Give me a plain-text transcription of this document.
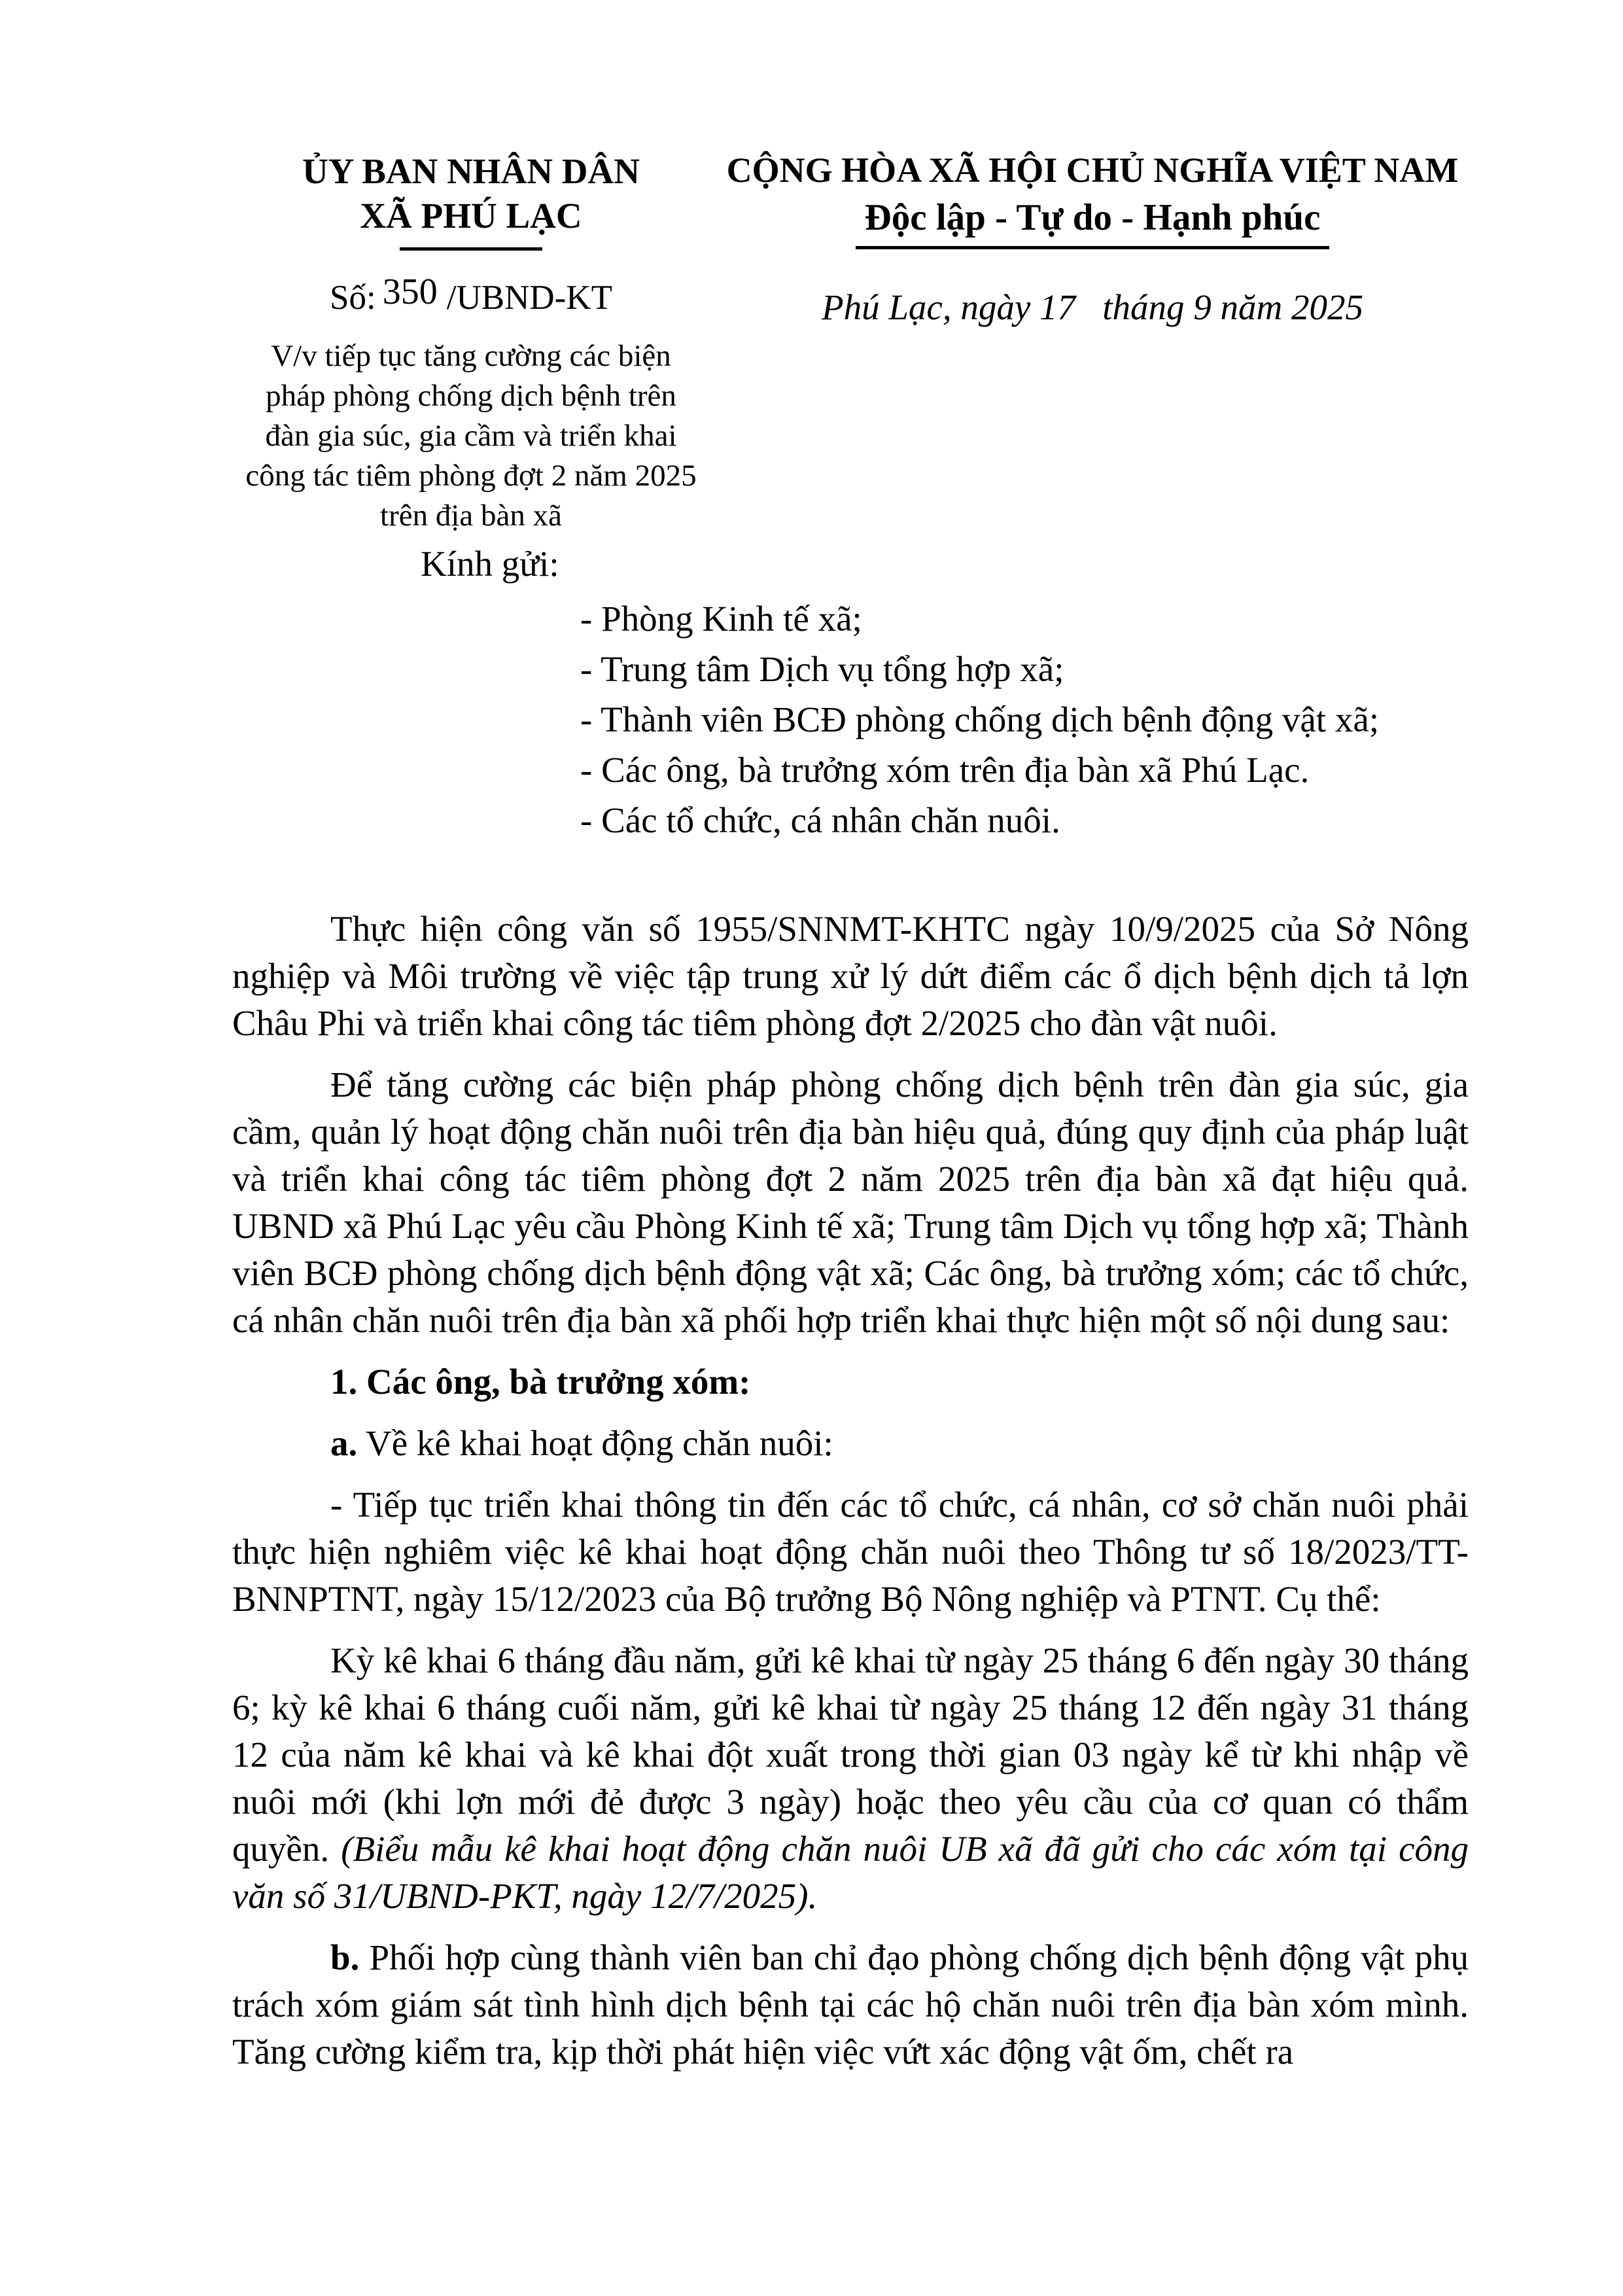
ỦY BAN NHÂN DÂN
XÃ PHÚ LẠC
Số: 350 /UBND-KT
V/v tiếp tục tăng cường các biện pháp phòng chống dịch bệnh trên đàn gia súc, gia cầm và triển khai công tác tiêm phòng đợt 2 năm 2025 trên địa bàn xã
CỘNG HÒA XÃ HỘI CHỦ NGHĨA VIỆT NAM
Độc lập - Tự do - Hạnh phúc
Phú Lạc, ngày 17   tháng 9 năm 2025
Kính gửi:
- Phòng Kinh tế xã;
- Trung tâm Dịch vụ tổng hợp xã;
- Thành viên BCĐ phòng chống dịch bệnh động vật xã;
- Các ông, bà trưởng xóm trên địa bàn xã Phú Lạc.
- Các tổ chức, cá nhân chăn nuôi.

Thực hiện công văn số 1955/SNNMT-KHTC ngày 10/9/2025 của Sở Nông nghiệp và Môi trường về việc tập trung xử lý dứt điểm các ổ dịch bệnh dịch tả lợn Châu Phi và triển khai công tác tiêm phòng đợt 2/2025 cho đàn vật nuôi.

Để tăng cường các biện pháp phòng chống dịch bệnh trên đàn gia súc, gia cầm, quản lý hoạt động chăn nuôi trên địa bàn hiệu quả, đúng quy định của pháp luật và triển khai công tác tiêm phòng đợt 2 năm 2025 trên địa bàn xã đạt hiệu quả. UBND xã Phú Lạc yêu cầu Phòng Kinh tế xã; Trung tâm Dịch vụ tổng hợp xã; Thành viên BCĐ phòng chống dịch bệnh động vật xã; Các ông, bà trưởng xóm; các tổ chức, cá nhân chăn nuôi trên địa bàn xã phối hợp triển khai thực hiện một số nội dung sau:

1. Các ông, bà trưởng xóm:

a. Về kê khai hoạt động chăn nuôi:

- Tiếp tục triển khai thông tin đến các tổ chức, cá nhân, cơ sở chăn nuôi phải thực hiện nghiêm việc kê khai hoạt động chăn nuôi theo Thông tư số 18/2023/TT-BNNPTNT, ngày 15/12/2023 của Bộ trưởng Bộ Nông nghiệp và PTNT. Cụ thể:

Kỳ kê khai 6 tháng đầu năm, gửi kê khai từ ngày 25 tháng 6 đến ngày 30 tháng 6; kỳ kê khai 6 tháng cuối năm, gửi kê khai từ ngày 25 tháng 12 đến ngày 31 tháng 12 của năm kê khai và kê khai đột xuất trong thời gian 03 ngày kể từ khi nhập về nuôi mới (khi lợn mới đẻ được 3 ngày) hoặc theo yêu cầu của cơ quan có thẩm quyền. (Biểu mẫu kê khai hoạt động chăn nuôi UB xã đã gửi cho các xóm tại công văn số 31/UBND-PKT, ngày 12/7/2025).

b. Phối hợp cùng thành viên ban chỉ đạo phòng chống dịch bệnh động vật phụ trách xóm giám sát tình hình dịch bệnh tại các hộ chăn nuôi trên địa bàn xóm mình. Tăng cường kiểm tra, kịp thời phát hiện việc vứt xác động vật ốm, chết ra
